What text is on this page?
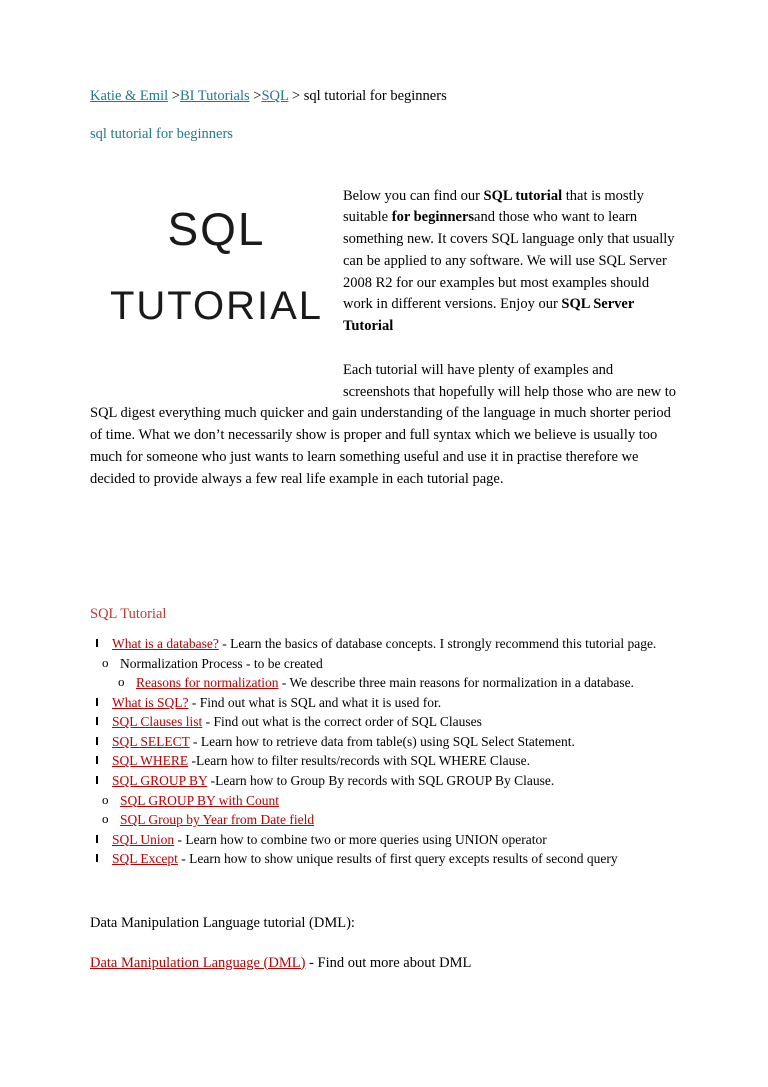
Katie & Emil >BI Tutorials >SQL > sql tutorial for beginners
sql tutorial for beginners
SQL
TUTORIAL

Below you can find our SQL tutorial that is mostly suitable for beginnersand those who want to learn something new. It covers SQL language only that usually can be applied to any software. We will use SQL Server 2008 R2 for our examples but most examples should work in different versions. Enjoy our SQL Server Tutorial

Each tutorial will have plenty of examples and screenshots that hopefully will help those who are new to SQL digest everything much quicker and gain understanding of the language in much shorter period of time. What we don’t necessarily show is proper and full syntax which we believe is usually too much for someone who just wants to learn something useful and use it in practise therefore we decided to provide always a few real life example in each tutorial page.

SQL Tutorial
What is a database? - Learn the basics of database concepts. I strongly recommend this tutorial page.
o Normalization Process - to be created
o Reasons for normalization - We describe three main reasons for normalization in a database.
What is SQL? - Find out what is SQL and what it is used for.
SQL Clauses list - Find out what is the correct order of SQL Clauses
SQL SELECT - Learn how to retrieve data from table(s) using SQL Select Statement.
SQL WHERE -Learn how to filter results/records with SQL WHERE Clause.
SQL GROUP BY -Learn how to Group By records with SQL GROUP By Clause.
o SQL GROUP BY with Count
o SQL Group by Year from Date field
SQL Union - Learn how to combine two or more queries using UNION operator
SQL Except - Learn how to show unique results of first query excepts results of second query
Data Manipulation Language tutorial (DML):

Data Manipulation Language (DML) - Find out more about DML
